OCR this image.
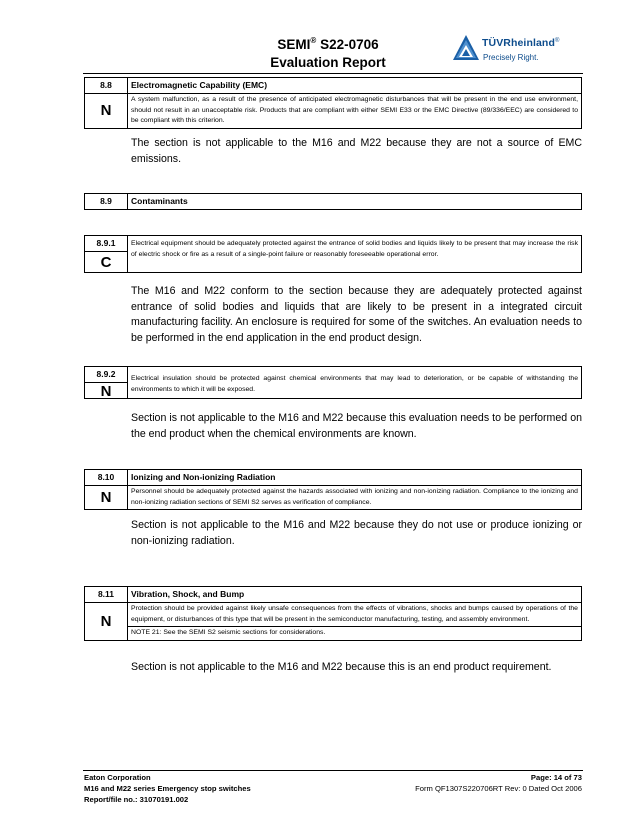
SEMI® S22-0706
Evaluation Report
TÜVRheinland®
Precisely Right.
8.8
N
Electromagnetic Capability (EMC)
A system malfunction, as a result of the presence of anticipated electromagnetic disturbances that will be present in the end use environment, should not result in an unacceptable risk. Products that are compliant with either SEMI E33 or the EMC Directive (89/336/EEC) are considered to be compliant with this criterion.
The section is not applicable to the M16 and M22 because they are not a source of EMC emissions.
8.9	Contaminants
8.9.1
C
Electrical equipment should be adequately protected against the entrance of solid bodies and liquids likely to be present that may increase the risk of electric shock or fire as a result of a single-point failure or reasonably foreseeable operational error.
The M16 and M22 conform to the section because they are adequately protected against entrance of solid bodies and liquids that are likely to be present in a integrated circuit manufacturing facility. An enclosure is required for some of the switches. An evaluation needs to be performed in the end application in the end product design.
8.9.2
N
Electrical insulation should be protected against chemical environments that may lead to deterioration, or be capable of withstanding the environments to which it will be exposed.
Section is not applicable to the M16 and M22 because this evaluation needs to be performed on the end product when the chemical environments are known.
8.10
N
Ionizing and Non-ionizing Radiation
Personnel should be adequately protected against the hazards associated with ionizing and non-ionizing radiation. Compliance to the ionizing and non-ionizing radiation sections of SEMI S2 serves as verification of compliance.
Section is not applicable to the M16 and M22 because they do not use or produce ionizing or non-ionizing radiation.
8.11
N
Vibration, Shock, and Bump
Protection should be provided against likely unsafe consequences from the effects of vibrations, shocks and bumps caused by operations of the equipment, or disturbances of this type that will be present in the semiconductor manufacturing, testing, and assembly environment.
NOTE 21: See the SEMI S2 seismic sections for considerations.
Section is not applicable to the M16 and M22 because this is an end product requirement.
Eaton Corporation
M16 and M22 series Emergency stop switches
Report/file no.: 31070191.002
Page: 14 of 73
Form QF1307S220706RT Rev: 0 Dated Oct 2006
